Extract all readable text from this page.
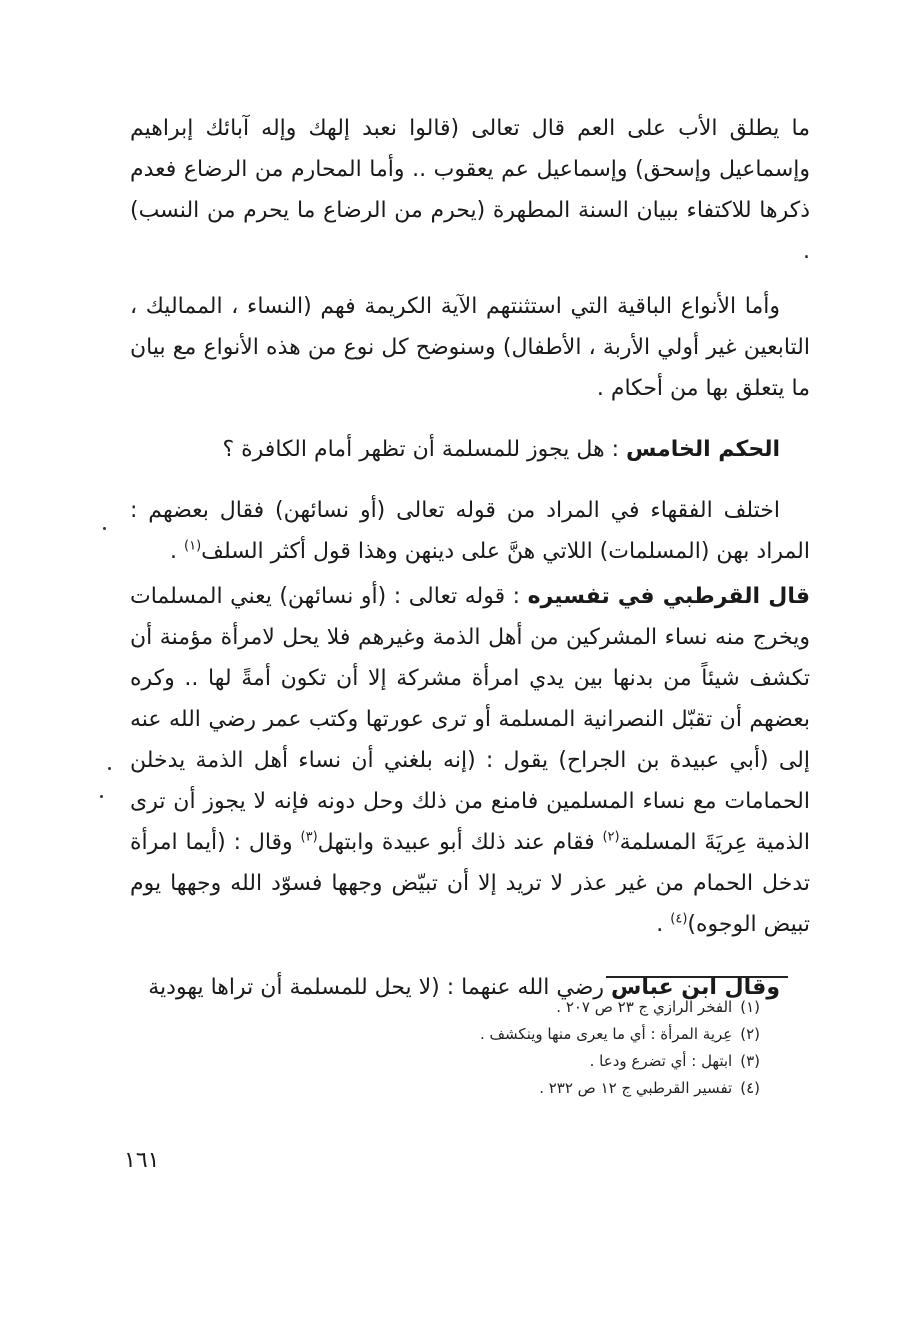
ما يطلق الأب على العم قال تعالى (قالوا نعبد إلهك وإله آبائك إبراهيم وإسماعيل وإسحق) وإسماعيل عم يعقوب .. وأما المحارم من الرضاع فعدم ذكرها للاكتفاء ببيان السنة المطهرة (يحرم من الرضاع ما يحرم من النسب) .

وأما الأنواع الباقية التي استثنتهم الآية الكريمة فهم (النساء ، المماليك ، التابعين غير أولي الأربة ، الأطفال) وسنوضح كل نوع من هذه الأنواع مع بيان ما يتعلق بها من أحكام .

الحكم الخامس : هل يجوز للمسلمة أن تظهر أمام الكافرة ؟

اختلف الفقهاء في المراد من قوله تعالى (أو نسائهن) فقال بعضهم : المراد بهن (المسلمات) اللاتي هنَّ على دينهن وهذا قول أكثر السلف$^{(١)}$ .

قال القرطبي في تفسيره : قوله تعالى : (أو نسائهن) يعني المسلمات ويخرج منه نساء المشركين من أهل الذمة وغيرهم فلا يحل لامرأة مؤمنة أن تكشف شيئاً من بدنها بين يدي امرأة مشركة إلا أن تكون أمةً لها .. وكره بعضهم أن تقبّل النصرانية المسلمة أو ترى عورتها وكتب عمر رضي الله عنه إلى (أبي عبيدة بن الجراح) يقول : (إنه بلغني أن نساء أهل الذمة يدخلن الحمامات مع نساء المسلمين فامنع من ذلك وحل دونه فإنه لا يجوز أن ترى الذمية عِريَةَ المسلمة$^{(٢)}$ فقام عند ذلك أبو عبيدة وابتهل$^{(٣)}$ وقال : (أيما امرأة تدخل الحمام من غير عذر لا تريد إلا أن تبيّض وجهها فسوّد الله وجهها يوم تبيض الوجوه)$^{(٤)}$ .

وقال ابن عباس رضي الله عنهما : (لا يحل للمسلمة أن تراها يهودية

(١)الفخر الرازي ج ٢٣ ص ٢٠٧ .

(٢)عِرية المرأة : أي ما يعرى منها وينكشف .

(٣)ابتهل : أي تضرع ودعا .

(٤)تفسير القرطبي ج ١٢ ص ٢٣٢ .

١٦١
